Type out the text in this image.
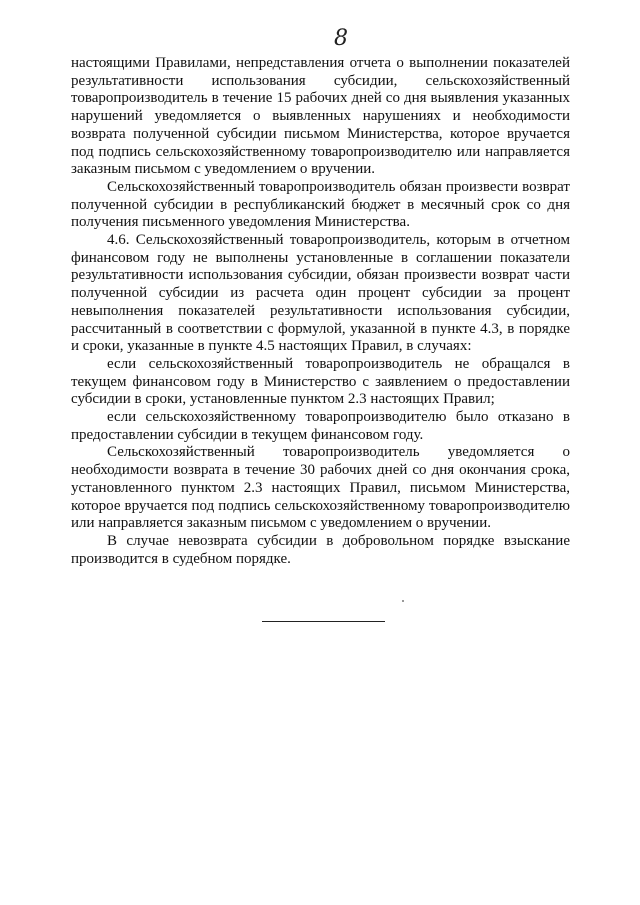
8

настоящими Правилами, непредставления отчета о выполнении показателей результативности использования субсидии, сельскохозяйственный товаропроизводитель в течение 15 рабочих дней со дня выявления указанных нарушений уведомляется о выявленных нарушениях и необходимости возврата полученной субсидии письмом Министерства, которое вручается под подпись сельскохозяйственному товаропроизводителю или направляется заказным письмом с уведомлением о вручении.

Сельскохозяйственный товаропроизводитель обязан произвести возврат полученной субсидии в республиканский бюджет в месячный срок со дня получения письменного уведомления Министерства.

4.6. Сельскохозяйственный товаропроизводитель, которым в отчетном финансовом году не выполнены установленные в соглашении показатели результативности использования субсидии, обязан произвести возврат части полученной субсидии из расчета один процент субсидии за процент невыполнения показателей результативности использования субсидии, рассчитанный в соответствии с формулой, указанной в пункте 4.3, в порядке и сроки, указанные в пункте 4.5 настоящих Правил, в случаях:

если сельскохозяйственный товаропроизводитель не обращался в текущем финансовом году в Министерство с заявлением о предоставлении субсидии в сроки, установленные пунктом 2.3 настоящих Правил;

если сельскохозяйственному товаропроизводителю было отказано в предоставлении субсидии в текущем финансовом году.

Сельскохозяйственный товаропроизводитель уведомляется о необходимости возврата в течение 30 рабочих дней со дня окончания срока, установленного пунктом 2.3 настоящих Правил, письмом Министерства, которое вручается под подпись сельскохозяйственному товаропроизводителю или направляется заказным письмом с уведомлением о вручении.

В случае невозврата субсидии в добровольном порядке взыскание производится в судебном порядке.
